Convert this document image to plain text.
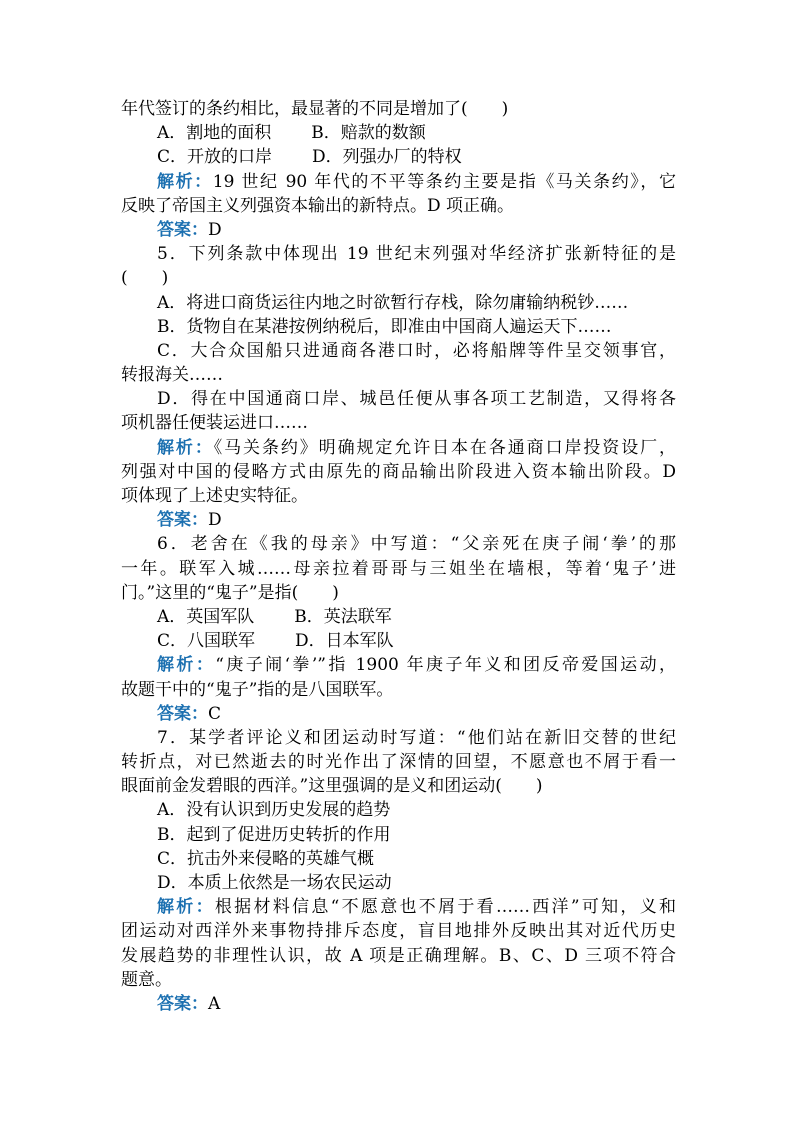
年代签订的条约相比，最显著的不同是增加了(　　)
A．割地的面积 B．赔款的数额
C．开放的口岸 D．列强办厂的特权
解析：19 世纪 90 年代的不平等条约主要是指《马关条约》，它
反映了帝国主义列强资本输出的新特点。D 项正确。
答案：D
5．下列条款中体现出 19 世纪末列强对华经济扩张新特征的是
(　　)
A．将进口商货运往内地之时欲暂行存栈，除勿庸输纳税钞……
B．货物自在某港按例纳税后，即准由中国商人遍运天下……
C．大合众国船只进通商各港口时，必将船牌等件呈交领事官，
转报海关……
D．得在中国通商口岸、城邑任便从事各项工艺制造，又得将各
项机器任便装运进口……
解析：《马关条约》明确规定允许日本在各通商口岸投资设厂，
列强对中国的侵略方式由原先的商品输出阶段进入资本输出阶段。D
项体现了上述史实特征。
答案：D
6．老舍在《我的母亲》中写道：“父亲死在庚子闹‘拳’的那
一年。联军入城……母亲拉着哥哥与三姐坐在墙根，等着‘鬼子’进
门。”这里的“鬼子”是指(　　)
A．英国军队 B．英法联军
C．八国联军 D．日本军队
解析：“庚子闹‘拳’”指 1900 年庚子年义和团反帝爱国运动，
故题干中的“鬼子”指的是八国联军。
答案：C
7．某学者评论义和团运动时写道：“他们站在新旧交替的世纪
转折点，对已然逝去的时光作出了深情的回望，不愿意也不屑于看一
眼面前金发碧眼的西洋。”这里强调的是义和团运动(　　)
A．没有认识到历史发展的趋势
B．起到了促进历史转折的作用
C．抗击外来侵略的英雄气概
D．本质上依然是一场农民运动
解析：根据材料信息“不愿意也不屑于看……西洋”可知，义和
团运动对西洋外来事物持排斥态度，盲目地排外反映出其对近代历史
发展趋势的非理性认识，故 A 项是正确理解。B、C、D 三项不符合
题意。
答案：A
